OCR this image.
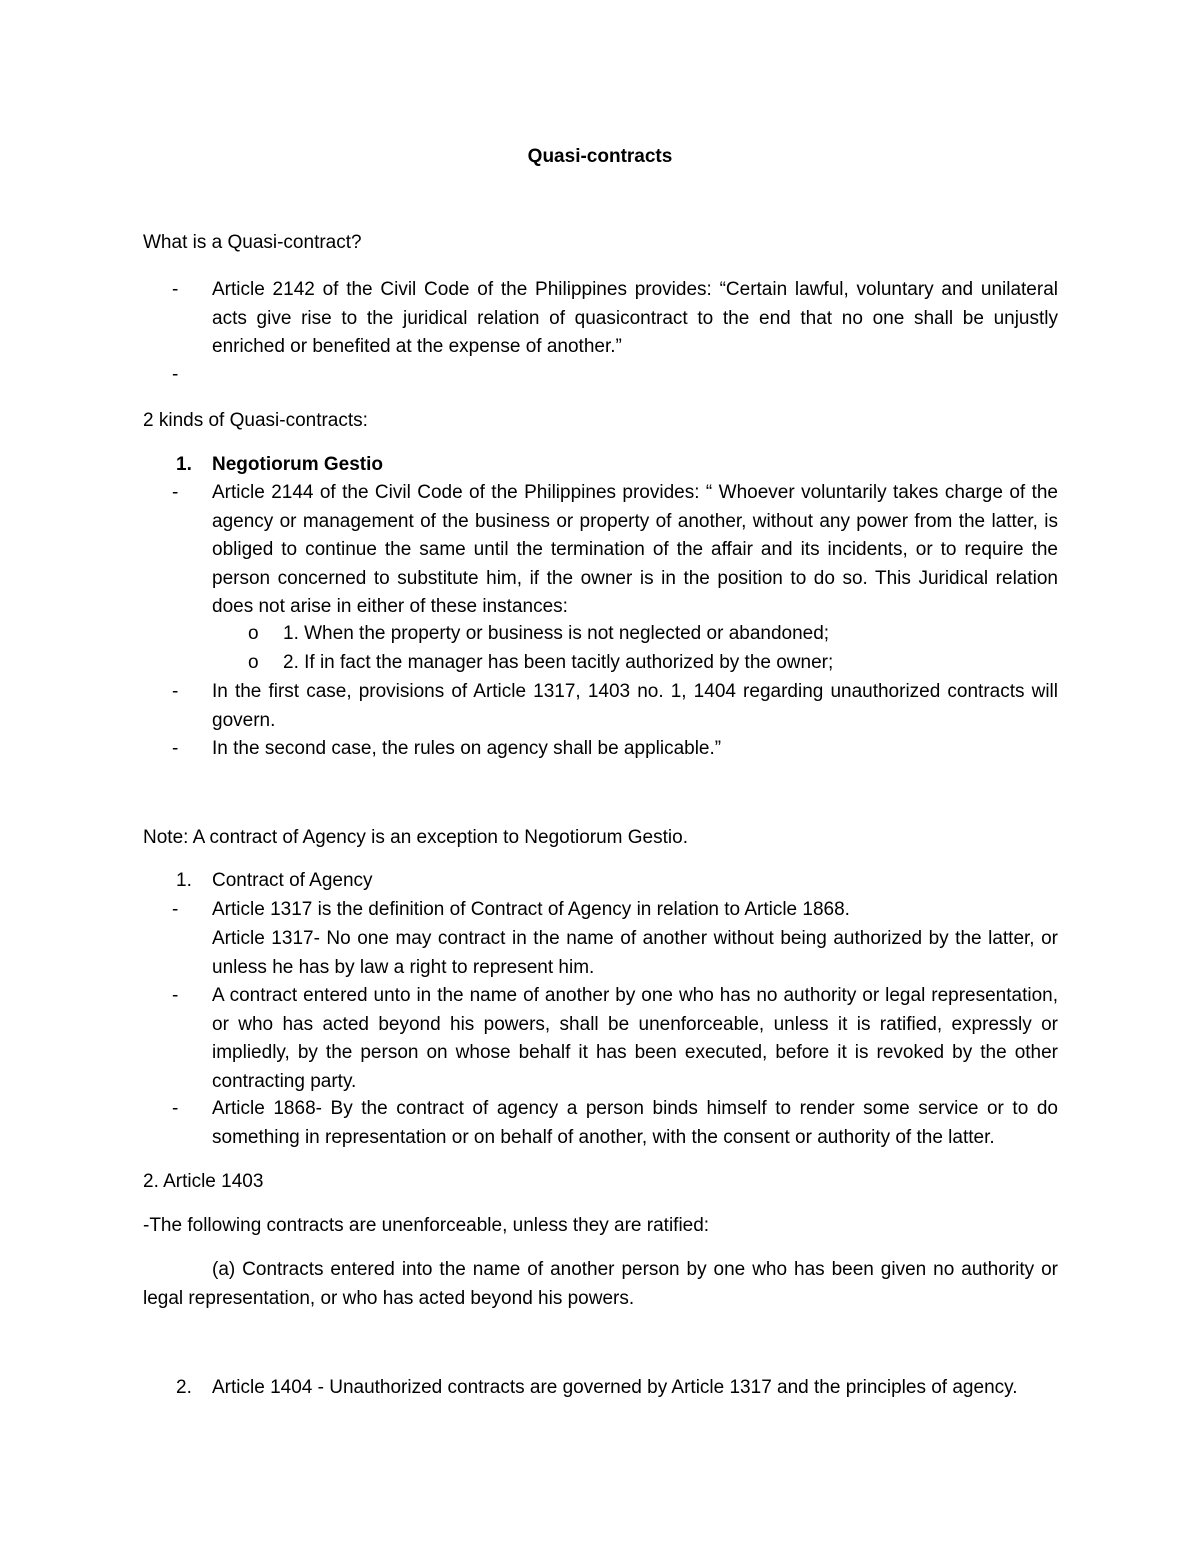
Quasi-contracts
What is a Quasi-contract?
- Article 2142 of the Civil Code of the Philippines provides: “Certain lawful, voluntary and unilateral acts give rise to the juridical relation of quasicontract to the end that no one shall be unjustly enriched or benefited at the expense of another.”
-
2 kinds of Quasi-contracts:
1. Negotiorum Gestio
- Article 2144 of the Civil Code of the Philippines provides: “ Whoever voluntarily takes charge of the agency or management of the business or property of another, without any power from the latter, is obliged to continue the same until the termination of the affair and its incidents, or to require the person concerned to substitute him, if the owner is in the position to do so. This Juridical relation does not arise in either of these instances:
o 1. When the property or business is not neglected or abandoned;
o 2. If in fact the manager has been tacitly authorized by the owner;
- In the first case, provisions of Article 1317, 1403 no. 1, 1404 regarding unauthorized contracts will govern.
- In the second case, the rules on agency shall be applicable.”
Note: A contract of Agency is an exception to Negotiorum Gestio.
1. Contract of Agency
- Article 1317 is the definition of Contract of Agency in relation to Article 1868.
Article 1317- No one may contract in the name of another without being authorized by the latter, or unless he has by law a right to represent him.
- A contract entered unto in the name of another by one who has no authority or legal representation, or who has acted beyond his powers, shall be unenforceable, unless it is ratified, expressly or impliedly, by the person on whose behalf it has been executed, before it is revoked by the other contracting party.
- Article 1868- By the contract of agency a person binds himself to render some service or to do something in representation or on behalf of another, with the consent or authority of the latter.
2. Article 1403
-The following contracts are unenforceable, unless they are ratified:
(a) Contracts entered into the name of another person by one who has been given no authority or legal representation, or who has acted beyond his powers.
2. Article 1404 - Unauthorized contracts are governed by Article 1317 and the principles of agency.
